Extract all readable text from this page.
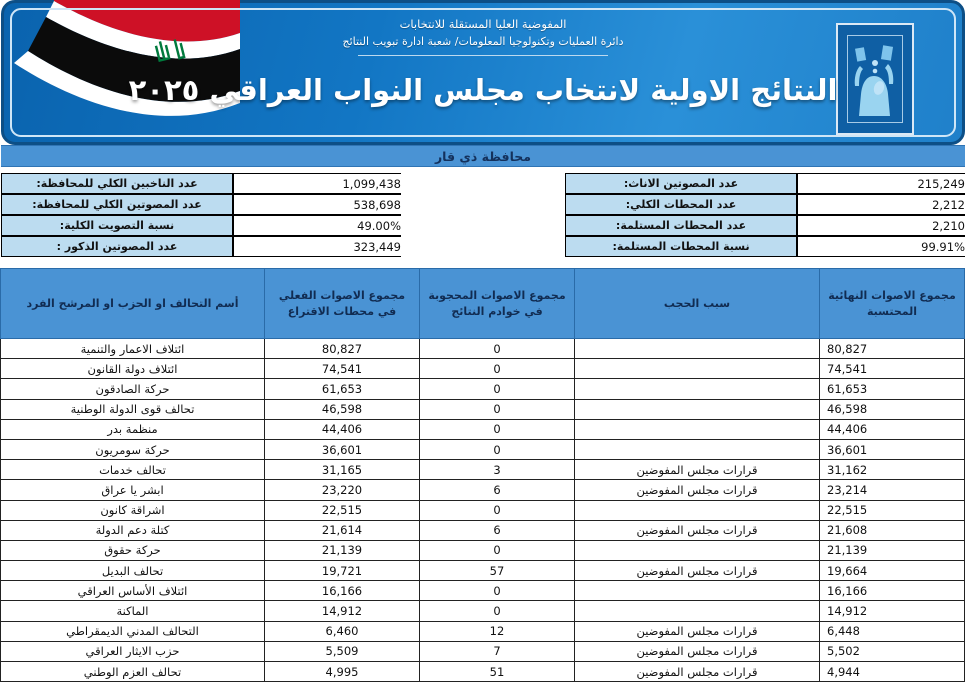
المفوضية العليا المستقلة للانتخابات
دائرة العمليات وتكنولوجيا المعلومات/ شعبة ادارة تبويب النتائج
النتائج الاولية لانتخاب مجلس النواب العراقي ٢٠٢٥
محافظة ذي قار
215,249
عدد المصوتين الاناث:
2,212
عدد المحطات الكلي:
2,210
عدد المحطات المستلمة:
99.91%
نسبة المحطات المستلمة:
1,099,438
عدد الناخبين الكلي للمحافظة:
538,698
عدد المصوتين الكلي للمحافظة:
49.00%
نسبة التصويت الكلية:
323,449
عدد المصوتين الذكور :
مجموع الاصوات النهائية المحتسبة	سبب الحجب	مجموع الاصوات المحجوبة في خوادم النتائج	مجموع الاصوات الفعلي في محطات الاقتراع	أسم التحالف او الحزب او المرشح الفرد
80,827		0	80,827	ائتلاف الاعمار والتنمية
74,541		0	74,541	ائتلاف دولة القانون
61,653		0	61,653	حركة الصادقون
46,598		0	46,598	تحالف قوى الدولة الوطنية
44,406		0	44,406	منظمة بدر
36,601		0	36,601	حركة سومريون
31,162	قرارات مجلس المفوضين	3	31,165	تحالف خدمات
23,214	قرارات مجلس المفوضين	6	23,220	ابشر يا عراق
22,515		0	22,515	اشراقة كانون
21,608	قرارات مجلس المفوضين	6	21,614	كتلة دعم الدولة
21,139		0	21,139	حركة حقوق
19,664	قرارات مجلس المفوضين	57	19,721	تحالف البديل
16,166		0	16,166	ائتلاف الأساس العراقي
14,912		0	14,912	الماكنة
6,448	قرارات مجلس المفوضين	12	6,460	التحالف المدني الديمقراطي
5,502	قرارات مجلس المفوضين	7	5,509	حزب الايثار العراقي
4,944	قرارات مجلس المفوضين	51	4,995	تحالف العزم الوطني
